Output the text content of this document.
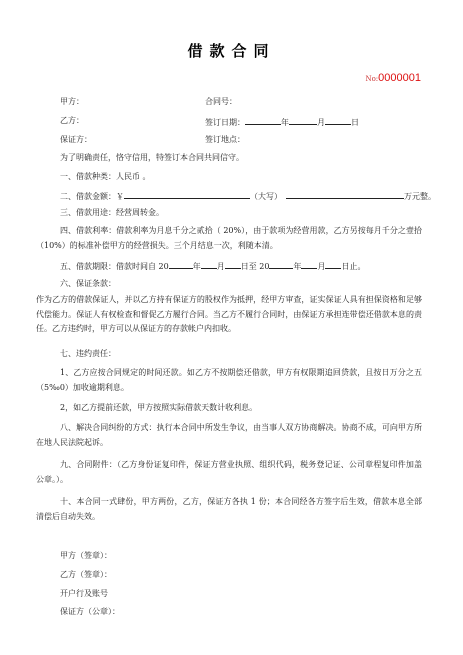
借款合同
No:0000001
甲方：	合同号：
乙方：	签订日期：	年	月	日
保证方：	签订地点：
为了明确责任，恪守信用，特签订本合同共同信守。
一、借款种类：人民币 。
二、借款金额：￥	（大写）	万元整。
三、借款用途：经营周转金。
四、借款利率：借款利率为月息千分之贰拾（ 20%），由于款项为经营用款，乙方另按每月千分之壹拾（10%）的标准补偿甲方的经营损失。三个月结息一次，利随本清。
五、借款期限：借款时间自 20	年 月 日至 20	年 月 日止。
六、保证条款：
作为乙方的借款保证人，并以乙方持有保证方的股权作为抵押，经甲方审查，证实保证人具有担保资格和足够代偿能力。保证人有权检查和督促乙方履行合同。当乙方不履行合同时，由保证方承担连带偿还借款本息的责任。乙方违约时，甲方可以从保证方的存款帐户内扣收。
七、违约责任：
1、乙方应按合同规定的时间还款。如乙方不按期偿还借款，甲方有权限期追回贷款，且按日万分之五（5‰0）加收逾期利息。
2，如乙方提前还款，甲方按照实际借款天数计收利息。
八、解决合同纠纷的方式：执行本合同中所发生争议，由当事人双方协商解决。协商不成，可向甲方所在地人民法院起诉。
九、合同附件：（乙方身份证复印件，保证方营业执照、组织代码，税务登记证、公司章程复印件加盖公章。）。
十、本合同一式肆份，甲方两份，乙方，保证方各执 1 份；本合同经各方签字后生效，借款本息全部清偿后自动失效。
甲方（签章）：
乙方（签章）：
开户行及账号
保证方（公章）：
